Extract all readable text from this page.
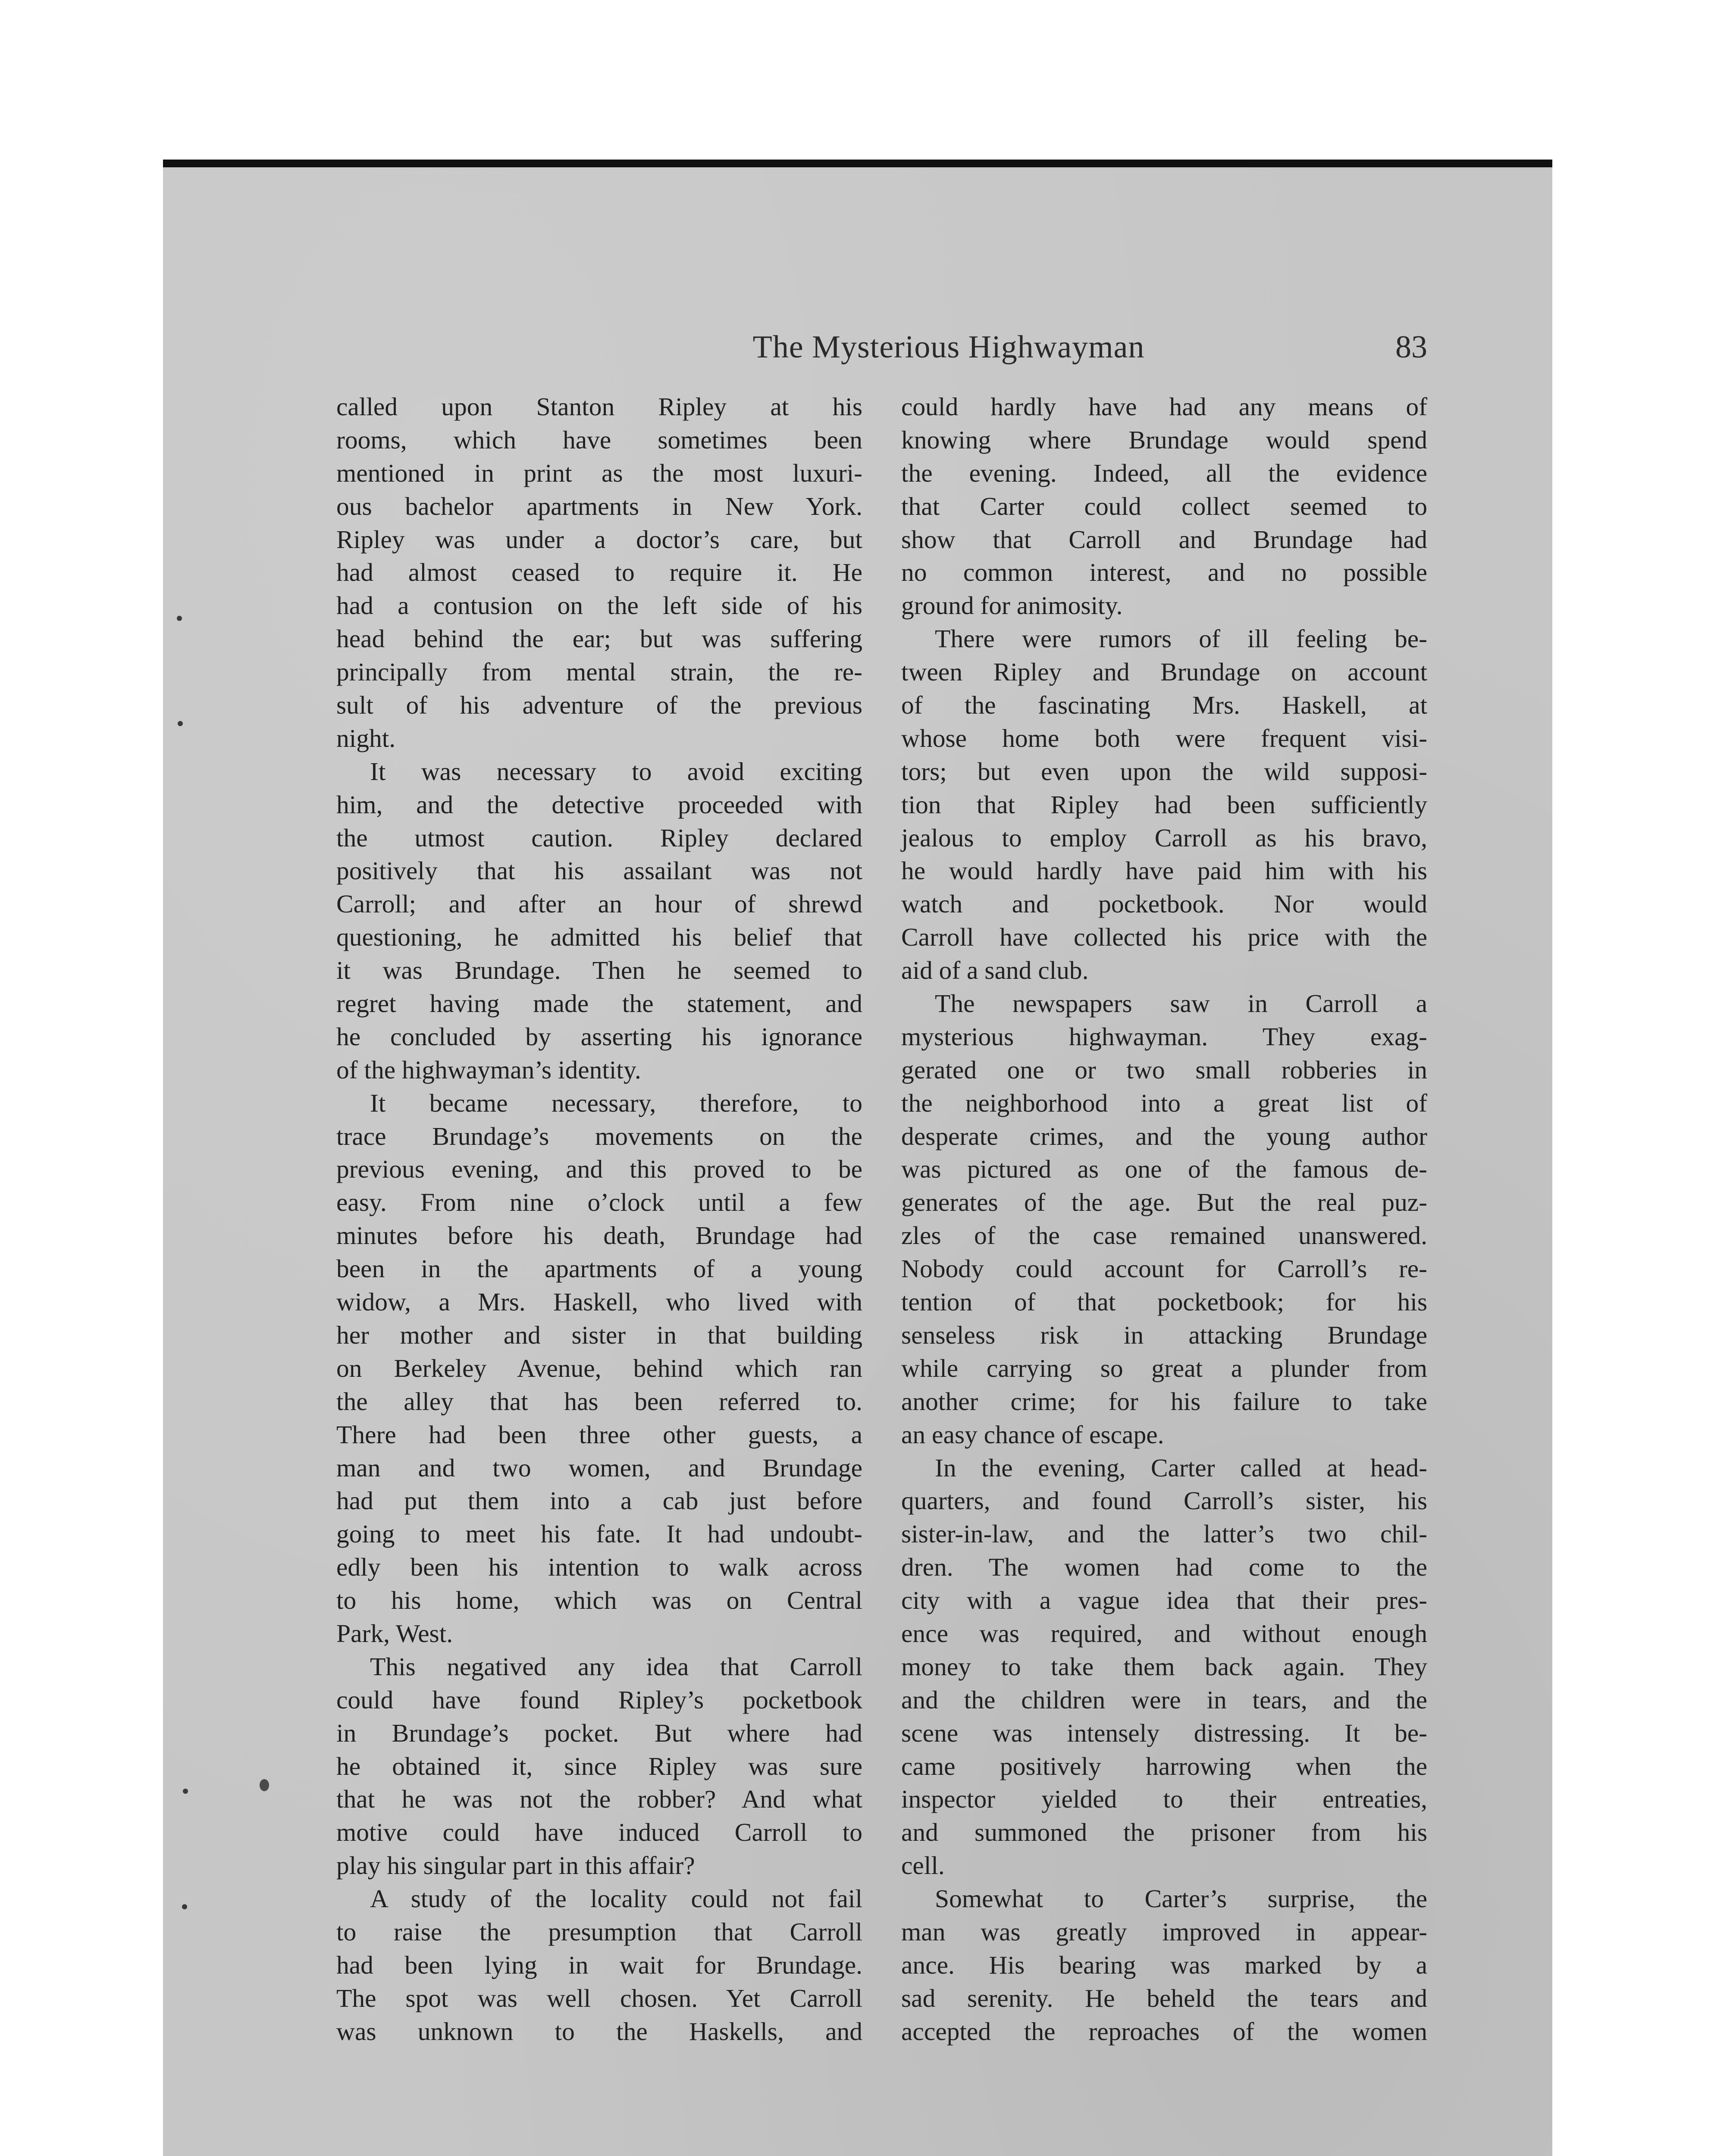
The Mysterious Highwayman	83
called upon Stanton Ripley at his
rooms, which have sometimes been
mentioned in print as the most luxuri-
ous bachelor apartments in New York.
Ripley was under a doctor’s care, but
had almost ceased to require it. He
had a contusion on the left side of his
head behind the ear; but was suffering
principally from mental strain, the re-
sult of his adventure of the previous
night.
It was necessary to avoid exciting
him, and the detective proceeded with
the utmost caution. Ripley declared
positively that his assailant was not
Carroll; and after an hour of shrewd
questioning, he admitted his belief that
it was Brundage. Then he seemed to
regret having made the statement, and
he concluded by asserting his ignorance
of the highwayman’s identity.
It became necessary, therefore, to
trace Brundage’s movements on the
previous evening, and this proved to be
easy. From nine o’clock until a few
minutes before his death, Brundage had
been in the apartments of a young
widow, a Mrs. Haskell, who lived with
her mother and sister in that building
on Berkeley Avenue, behind which ran
the alley that has been referred to.
There had been three other guests, a
man and two women, and Brundage
had put them into a cab just before
going to meet his fate. It had undoubt-
edly been his intention to walk across
to his home, which was on Central
Park, West.
This negatived any idea that Carroll
could have found Ripley’s pocketbook
in Brundage’s pocket. But where had
he obtained it, since Ripley was sure
that he was not the robber? And what
motive could have induced Carroll to
play his singular part in this affair?
A study of the locality could not fail
to raise the presumption that Carroll
had been lying in wait for Brundage.
The spot was well chosen. Yet Carroll
was unknown to the Haskells, and
could hardly have had any means of
knowing where Brundage would spend
the evening. Indeed, all the evidence
that Carter could collect seemed to
show that Carroll and Brundage had
no common interest, and no possible
ground for animosity.
There were rumors of ill feeling be-
tween Ripley and Brundage on account
of the fascinating Mrs. Haskell, at
whose home both were frequent visi-
tors; but even upon the wild supposi-
tion that Ripley had been sufficiently
jealous to employ Carroll as his bravo,
he would hardly have paid him with his
watch and pocketbook. Nor would
Carroll have collected his price with the
aid of a sand club.
The newspapers saw in Carroll a
mysterious highwayman. They exag-
gerated one or two small robberies in
the neighborhood into a great list of
desperate crimes, and the young author
was pictured as one of the famous de-
generates of the age. But the real puz-
zles of the case remained unanswered.
Nobody could account for Carroll’s re-
tention of that pocketbook; for his
senseless risk in attacking Brundage
while carrying so great a plunder from
another crime; for his failure to take
an easy chance of escape.
In the evening, Carter called at head-
quarters, and found Carroll’s sister, his
sister-in-law, and the latter’s two chil-
dren. The women had come to the
city with a vague idea that their pres-
ence was required, and without enough
money to take them back again. They
and the children were in tears, and the
scene was intensely distressing. It be-
came positively harrowing when the
inspector yielded to their entreaties,
and summoned the prisoner from his
cell.
Somewhat to Carter’s surprise, the
man was greatly improved in appear-
ance. His bearing was marked by a
sad serenity. He beheld the tears and
accepted the reproaches of the women
